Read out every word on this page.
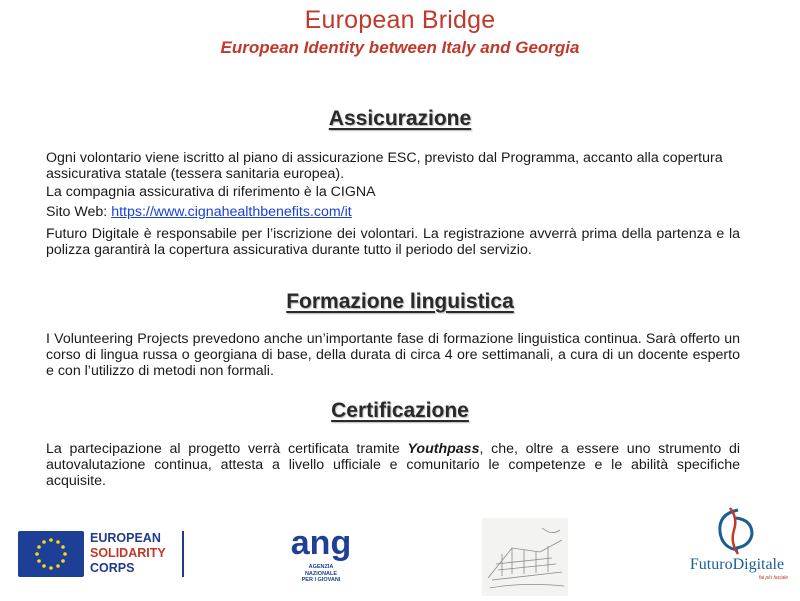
European Bridge
European Identity between Italy and Georgia
Assicurazione
Ogni volontario viene iscritto al piano di assicurazione ESC, previsto dal Programma, accanto alla copertura assicurativa statale (tessera sanitaria europea).
La compagnia assicurativa di riferimento è la CIGNA
Sito Web: https://www.cignahealthbenefits.com/it
Futuro Digitale è responsabile per l’iscrizione dei volontari. La registrazione avverrà prima della partenza e la polizza garantirà la copertura assicurativa durante tutto il periodo del servizio.
Formazione linguistica
I Volunteering Projects prevedono anche un’importante fase di formazione linguistica continua. Sarà offerto un corso di lingua russa o georgiana di base, della durata di circa 4 ore settimanali, a cura di un docente esperto e con l’utilizzo di metodi non formali.
Certificazione
La partecipazione al progetto verrà certificata tramite Youthpass, che, oltre a essere uno strumento di autovalutazione continua, attesta a livello ufficiale e comunitario le competenze e le abilità specifiche acquisite.
EUROPEAN
SOLIDARITY
CORPS
ang
AGENZIA
NAZIONALE
PER I GIOVANI
FuturoDigitale
fai più faciale
